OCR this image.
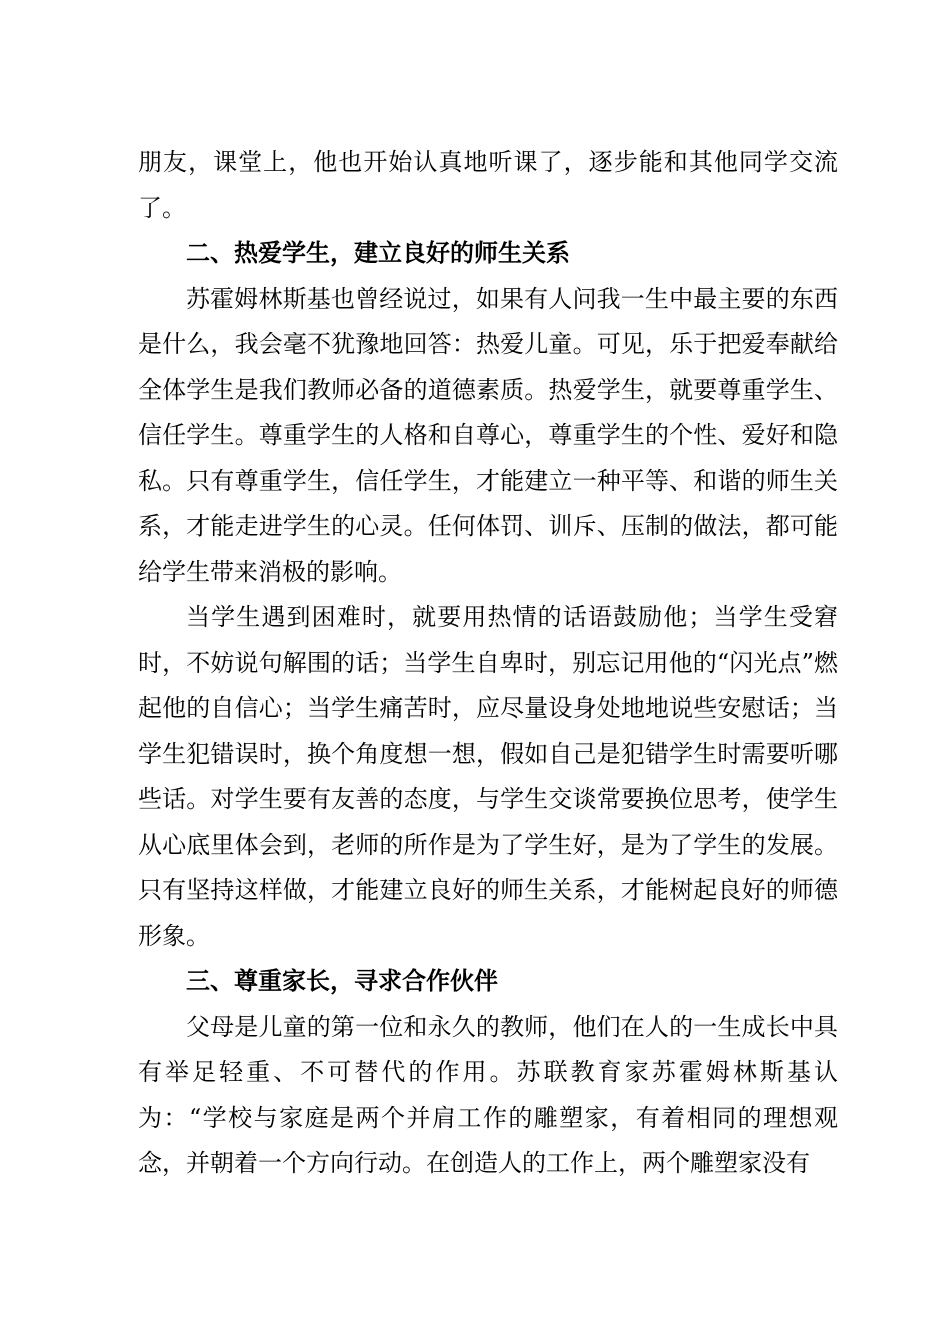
朋友，课堂上，他也开始认真地听课了，逐步能和其他同学交流了。

二、热爱学生，建立良好的师生关系

苏霍姆林斯基也曾经说过，如果有人问我一生中最主要的东西是什么，我会毫不犹豫地回答：热爱儿童。可见，乐于把爱奉献给全体学生是我们教师必备的道德素质。热爱学生，就要尊重学生、信任学生。尊重学生的人格和自尊心，尊重学生的个性、爱好和隐私。只有尊重学生，信任学生，才能建立一种平等、和谐的师生关系，才能走进学生的心灵。任何体罚、训斥、压制的做法，都可能给学生带来消极的影响。

当学生遇到困难时，就要用热情的话语鼓励他；当学生受窘时，不妨说句解围的话；当学生自卑时，别忘记用他的“闪光点”燃起他的自信心；当学生痛苦时，应尽量设身处地地说些安慰话；当学生犯错误时，换个角度想一想，假如自己是犯错学生时需要听哪些话。对学生要有友善的态度，与学生交谈常要换位思考，使学生从心底里体会到，老师的所作是为了学生好，是为了学生的发展。只有坚持这样做，才能建立良好的师生关系，才能树起良好的师德形象。

三、尊重家长，寻求合作伙伴

父母是儿童的第一位和永久的教师，他们在人的一生成长中具有举足轻重、不可替代的作用。苏联教育家苏霍姆林斯基认为：“学校与家庭是两个并肩工作的雕塑家，有着相同的理想观念，并朝着一个方向行动。在创造人的工作上，两个雕塑家没有
